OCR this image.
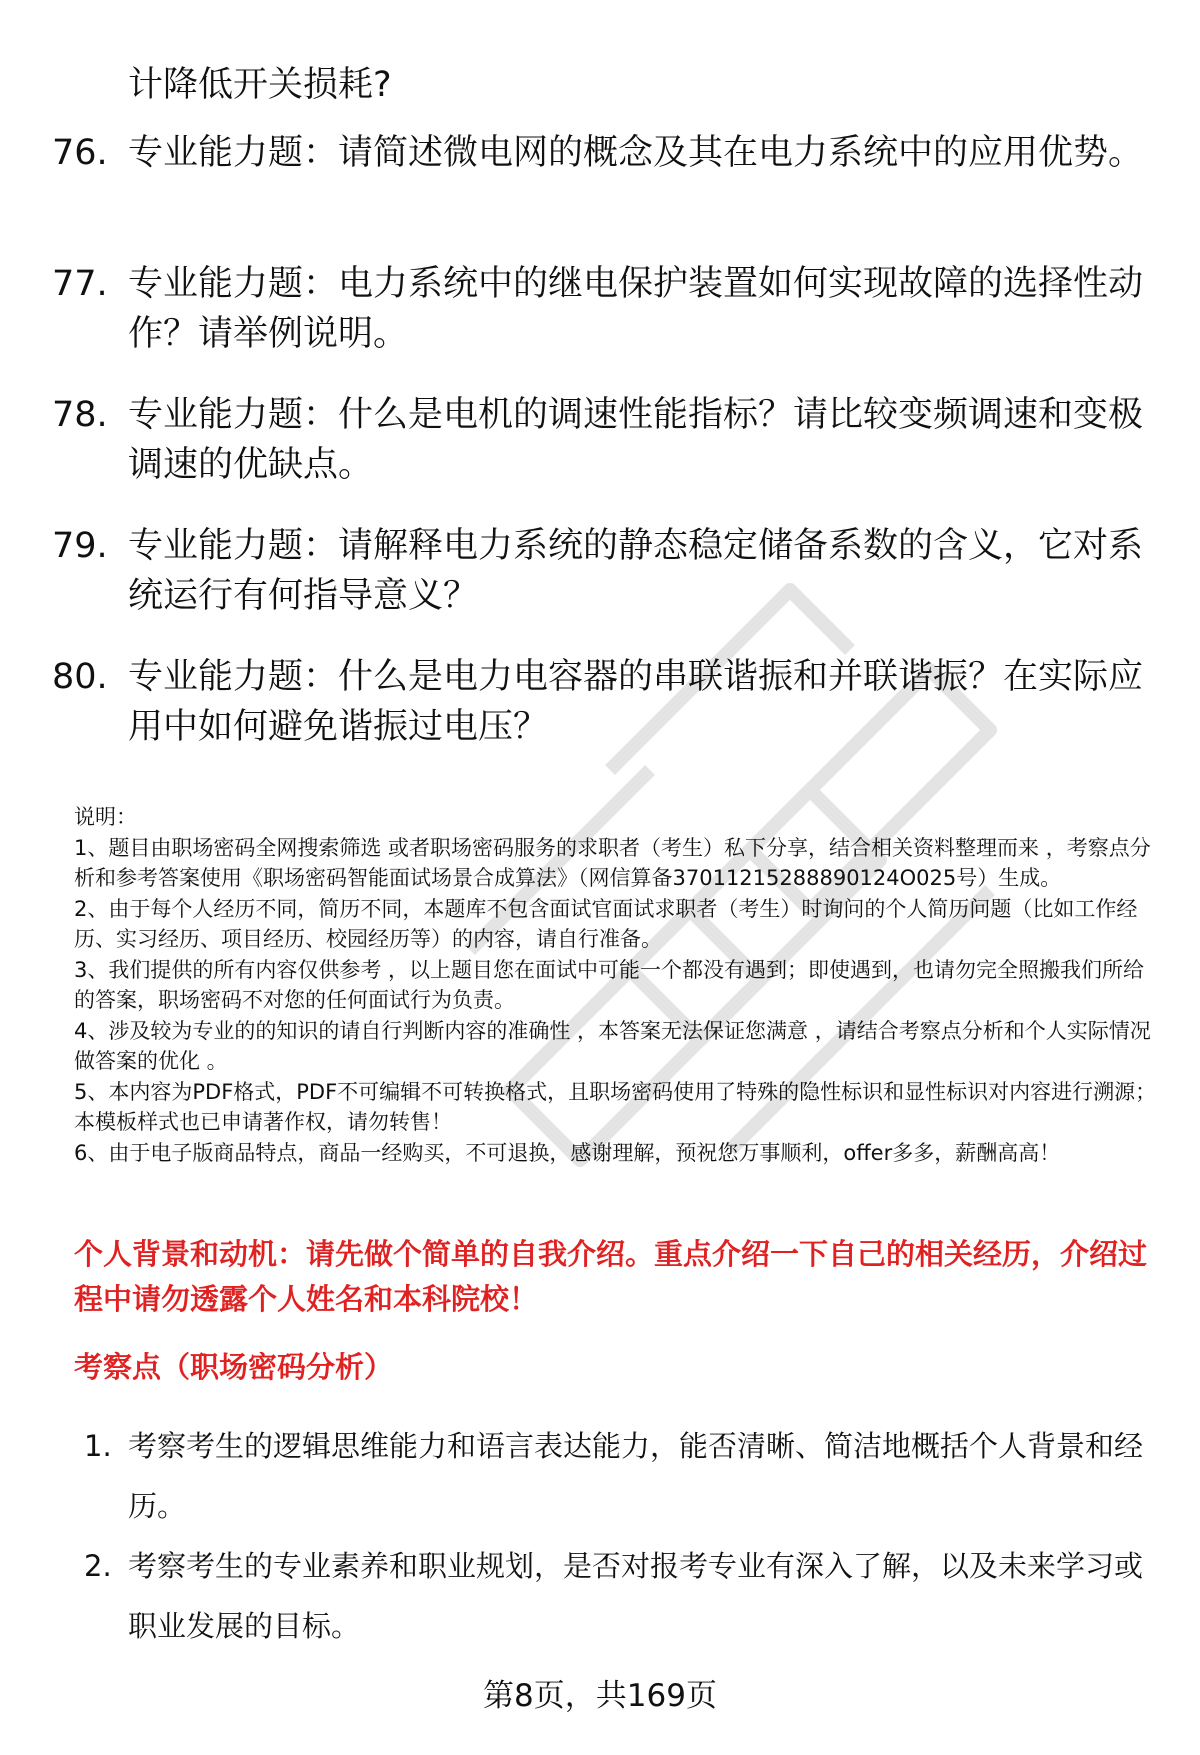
计降低开关损耗?
76. 专业能力题：请简述微电网的概念及其在电力系统中的应用优势。
77. 专业能力题：电力系统中的继电保护装置如何实现故障的选择性动作？请举例说明。
78. 专业能力题：什么是电机的调速性能指标？请比较变频调速和变极调速的优缺点。
79. 专业能力题：请解释电力系统的静态稳定储备系数的含义，它对系统运行有何指导意义？
80. 专业能力题：什么是电力电容器的串联谐振和并联谐振？在实际应用中如何避免谐振过电压？

说明：

1、题目由职场密码全网搜索筛选 或者职场密码服务的求职者（考生）私下分享，结合相关资料整理而来 ，考察点分析和参考答案使用《职场密码智能面试场景合成算法》（网信算备37011215288890124O025号）生成。

2、由于每个人经历不同，简历不同，本题库不包含面试官面试求职者（考生）时询问的个人简历问题（比如工作经历、实习经历、项目经历、校园经历等）的内容，请自行准备。

3、我们提供的所有内容仅供参考 ，以上题目您在面试中可能一个都没有遇到；即使遇到，也请勿完全照搬我们所给的答案，职场密码不对您的任何面试行为负责。

4、涉及较为专业的的知识的请自行判断内容的准确性 ，本答案无法保证您满意 ，请结合考察点分析和个人实际情况做答案的优化 。

5、本内容为PDF格式，PDF不可编辑不可转换格式，且职场密码使用了特殊的隐性标识和显性标识对内容进行溯源；本模板样式也已申请著作权，请勿转售！

6、由于电子版商品特点，商品一经购买，不可退换，感谢理解，预祝您万事顺利，offer多多，薪酬高高！

个人背景和动机：请先做个简单的自我介绍。重点介绍一下自己的相关经历，介绍过程中请勿透露个人姓名和本科院校！
考察点（职场密码分析）
1. 考察考生的逻辑思维能力和语言表达能力，能否清晰、简洁地概括个人背景和经历。
2. 考察考生的专业素养和职业规划，是否对报考专业有深入了解，以及未来学习或职业发展的目标。
第8页，共169页
